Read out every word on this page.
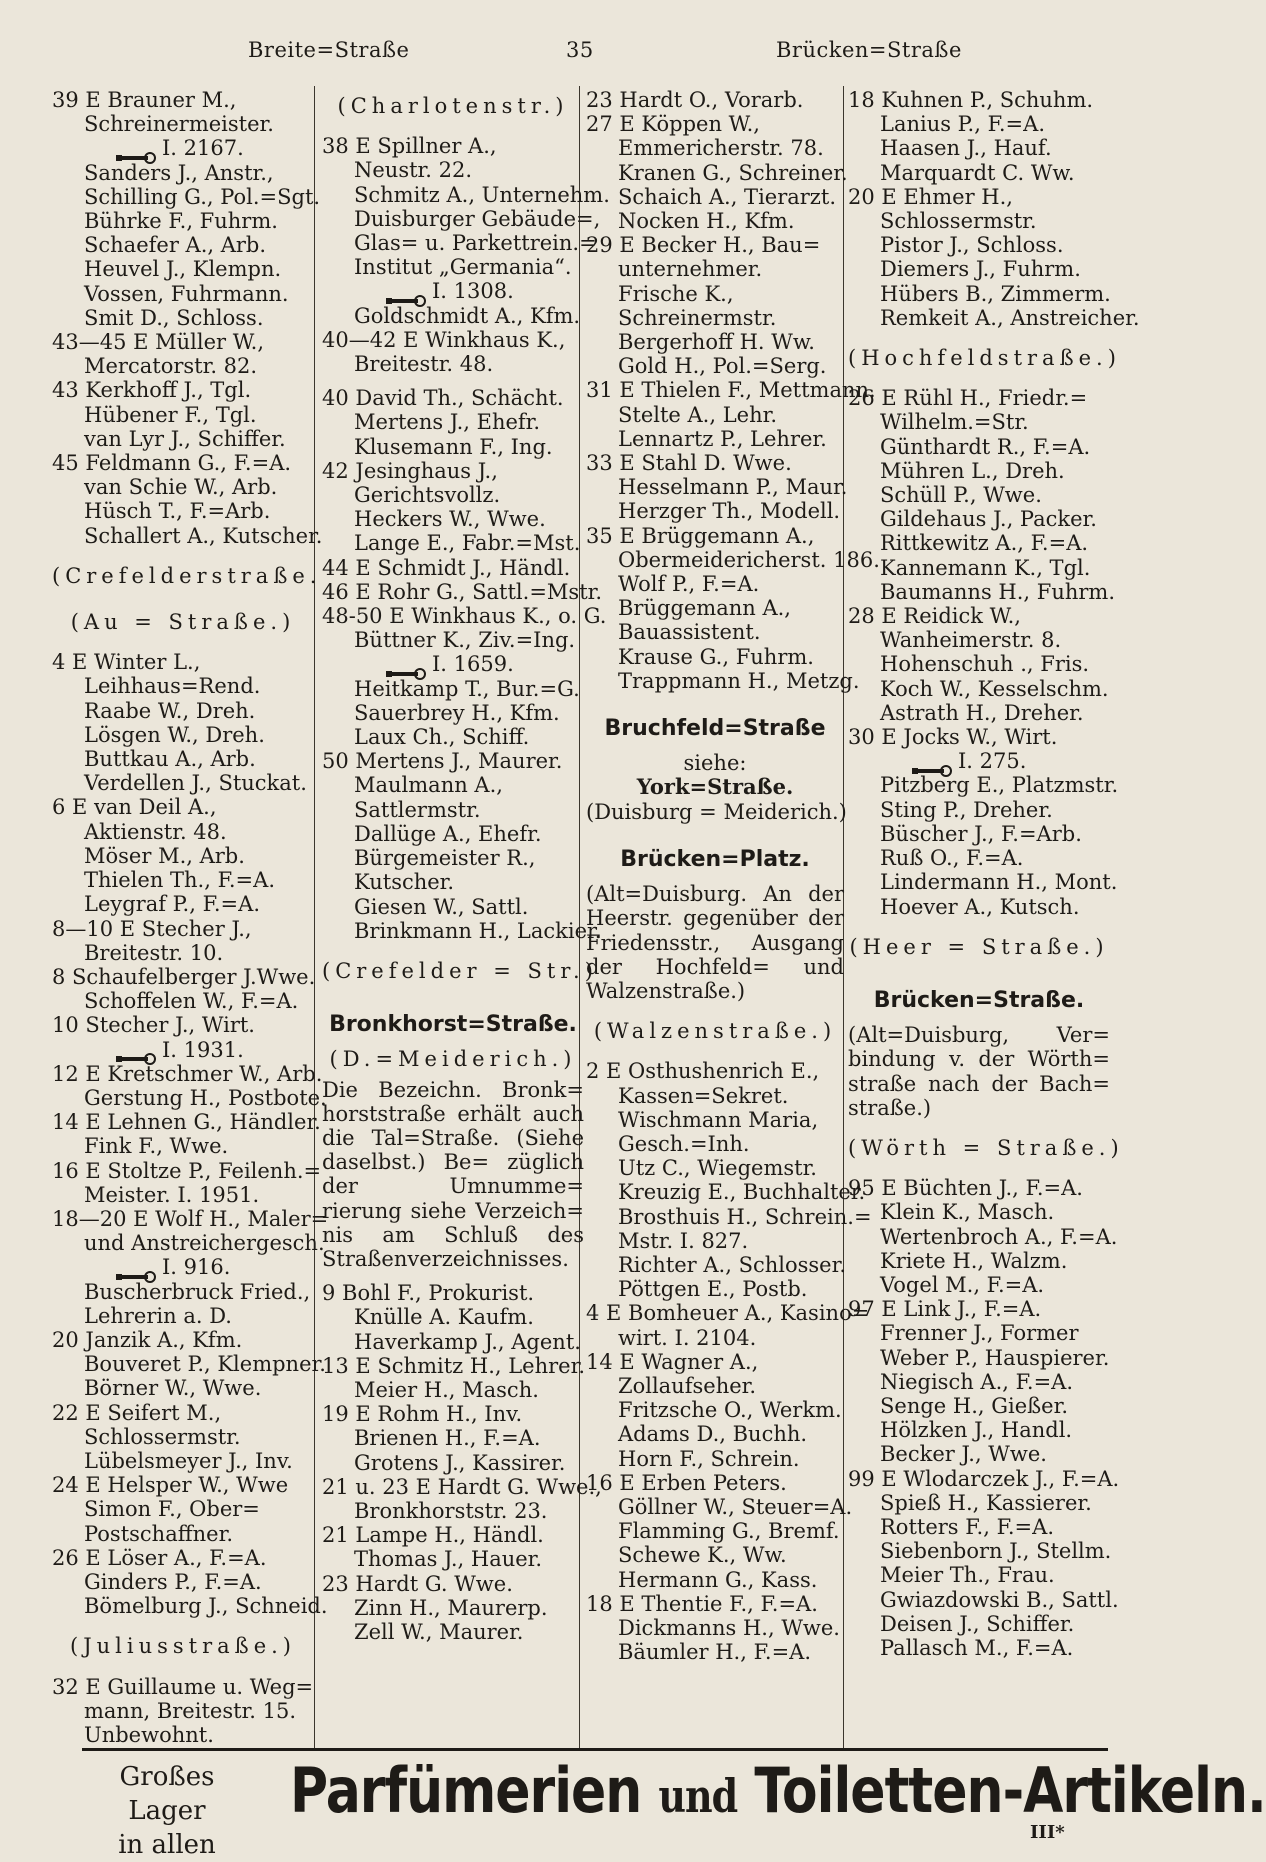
Breite=Straße	35	Brücken=Straße
39 E Brauner M.,
Schreinermeister.
I. 2167.
Sanders J., Anstr.,
Schilling G., Pol.=Sgt.
Bührke F., Fuhrm.
Schaefer A., Arb.
Heuvel J., Klempn.
Vossen, Fuhrmann.
Smit D., Schloss.
43—45 E Müller W.,
Mercatorstr. 82.
43 Kerkhoff J., Tgl.
Hübener F., Tgl.
van Lyr J., Schiffer.
45 Feldmann G., F.=A.
van Schie W., Arb.
Hüsch T., F.=Arb.
Schallert A., Kutscher.
(Crefelderstraße.
(Au = Straße.)
4 E Winter L.,
Leihhaus=Rend.
Raabe W., Dreh.
Lösgen W., Dreh.
Buttkau A., Arb.
Verdellen J., Stuckat.
6 E van Deil A.,
Aktienstr. 48.
Möser M., Arb.
Thielen Th., F.=A.
Leygraf P., F.=A.
8—10 E Stecher J.,
Breitestr. 10.
8 Schaufelberger J.Wwe.
Schoffelen W., F.=A.
10 Stecher J., Wirt.
I. 1931.
12 E Kretschmer W., Arb.
Gerstung H., Postbote.
14 E Lehnen G., Händler.
Fink F., Wwe.
16 E Stoltze P., Feilenh.=
Meister. I. 1951.
18—20 E Wolf H., Maler=
und Anstreichergesch.
I. 916.
Buscherbruck Fried.,
Lehrerin a. D.
20 Janzik A., Kfm.
Bouveret P., Klempner.
Börner W., Wwe.
22 E Seifert M.,
Schlossermstr.
Lübelsmeyer J., Inv.
24 E Helsper W., Wwe
Simon F., Ober=
Postschaffner.
26 E Löser A., F.=A.
Ginders P., F.=A.
Bömelburg J., Schneid.
(Juliusstraße.)
32 E Guillaume u. Weg=
mann, Breitestr. 15.
Unbewohnt.
(Charlotenstr.)
38 E Spillner A.,
Neustr. 22.
Schmitz A., Unternehm.
Duisburger Gebäude=,
Glas= u. Parkettrein.=
Institut „Germania“.
I. 1308.
Goldschmidt A., Kfm.
40—42 E Winkhaus K.,
Breitestr. 48.
40 David Th., Schächt.
Mertens J., Ehefr.
Klusemann F., Ing.
42 Jesinghaus J.,
Gerichtsvollz.
Heckers W., Wwe.
Lange E., Fabr.=Mst.
44 E Schmidt J., Händl.
46 E Rohr G., Sattl.=Mstr.
48-50 E Winkhaus K., o. G.
Büttner K., Ziv.=Ing.
I. 1659.
Heitkamp T., Bur.=G.
Sauerbrey H., Kfm.
Laux Ch., Schiff.
50 Mertens J., Maurer.
Maulmann A.,
Sattlermstr.
Dallüge A., Ehefr.
Bürgemeister R.,
Kutscher.
Giesen W., Sattl.
Brinkmann H., Lackier.
(Crefelder = Str.)
Bronkhorst=Straße.
(D.=Meiderich.)
Die Bezeichn. Bronk= horststraße erhält auch die Tal=Straße. (Siehe daselbst.) Be= züglich der Umnumme= rierung siehe Verzeich= nis am Schluß des Straßenverzeichnisses.
9 Bohl F., Prokurist.
Knülle A. Kaufm.
Haverkamp J., Agent.
13 E Schmitz H., Lehrer.
Meier H., Masch.
19 E Rohm H., Inv.
Brienen H., F.=A.
Grotens J., Kassirer.
21 u. 23 E Hardt G. Wwe.,
Bronkhorststr. 23.
21 Lampe H., Händl.
Thomas J., Hauer.
23 Hardt G. Wwe.
Zinn H., Maurerp.
Zell W., Maurer.
23 Hardt O., Vorarb.
27 E Köppen W.,
Emmericherstr. 78.
Kranen G., Schreiner.
Schaich A., Tierarzt.
Nocken H., Kfm.
29 E Becker H., Bau=
unternehmer.
Frische K.,
Schreinermstr.
Bergerhoff H. Ww.
Gold H., Pol.=Serg.
31 E Thielen F., Mettmann.
Stelte A., Lehr.
Lennartz P., Lehrer.
33 E Stahl D. Wwe.
Hesselmann P., Maur.
Herzger Th., Modell.
35 E Brüggemann A.,
Obermeidericherst. 186.
Wolf P., F.=A.
Brüggemann A.,
Bauassistent.
Krause G., Fuhrm.
Trappmann H., Metzg.
Bruchfeld=Straße
siehe:
York=Straße.
(Duisburg = Meiderich.)
Brücken=Platz.
(Alt=Duisburg. An der Heerstr. gegenüber der Friedensstr., Ausgang der Hochfeld= und Walzenstraße.)
(Walzenstraße.)
2 E Osthushenrich E.,
Kassen=Sekret.
Wischmann Maria,
Gesch.=Inh.
Utz C., Wiegemstr.
Kreuzig E., Buchhalter.
Brosthuis H., Schrein.=
Mstr. I. 827.
Richter A., Schlosser.
Pöttgen E., Postb.
4 E Bomheuer A., Kasino=
wirt. I. 2104.
14 E Wagner A.,
Zollaufseher.
Fritzsche O., Werkm.
Adams D., Buchh.
Horn F., Schrein.
16 E Erben Peters.
Göllner W., Steuer=A.
Flamming G., Bremf.
Schewe K., Ww.
Hermann G., Kass.
18 E Thentie F., F.=A.
Dickmanns H., Wwe.
Bäumler H., F.=A.
18 Kuhnen P., Schuhm.
Lanius P., F.=A.
Haasen J., Hauf.
Marquardt C. Ww.
20 E Ehmer H.,
Schlossermstr.
Pistor J., Schloss.
Diemers J., Fuhrm.
Hübers B., Zimmerm.
Remkeit A., Anstreicher.
(Hochfeldstraße.)
26 E Rühl H., Friedr.=
Wilhelm.=Str.
Günthardt R., F.=A.
Mühren L., Dreh.
Schüll P., Wwe.
Gildehaus J., Packer.
Rittkewitz A., F.=A.
Kannemann K., Tgl.
Baumanns H., Fuhrm.
28 E Reidick W.,
Wanheimerstr. 8.
Hohenschuh ., Fris.
Koch W., Kesselschm.
Astrath H., Dreher.
30 E Jocks W., Wirt.
I. 275.
Pitzberg E., Platzmstr.
Sting P., Dreher.
Büscher J., F.=Arb.
Ruß O., F.=A.
Lindermann H., Mont.
Hoever A., Kutsch.
(Heer = Straße.)
Brücken=Straße.
(Alt=Duisburg, Ver= bindung v. der Wörth= straße nach der Bach= straße.)
(Wörth = Straße.)
95 E Büchten J., F.=A.
Klein K., Masch.
Wertenbroch A., F.=A.
Kriete H., Walzm.
Vogel M., F.=A.
97 E Link J., F.=A.
Frenner J., Former
Weber P., Hauspierer.
Niegisch A., F.=A.
Senge H., Gießer.
Hölzken J., Handl.
Becker J., Wwe.
99 E Wlodarczek J., F.=A.
Spieß H., Kassierer.
Rotters F., F.=A.
Siebenborn J., Stellm.
Meier Th., Frau.
Gwiazdowski B., Sattl.
Deisen J., Schiffer.
Pallasch M., F.=A.
Großes Lager
in allen
Parfümerien und Toiletten-Artikeln.
III*
